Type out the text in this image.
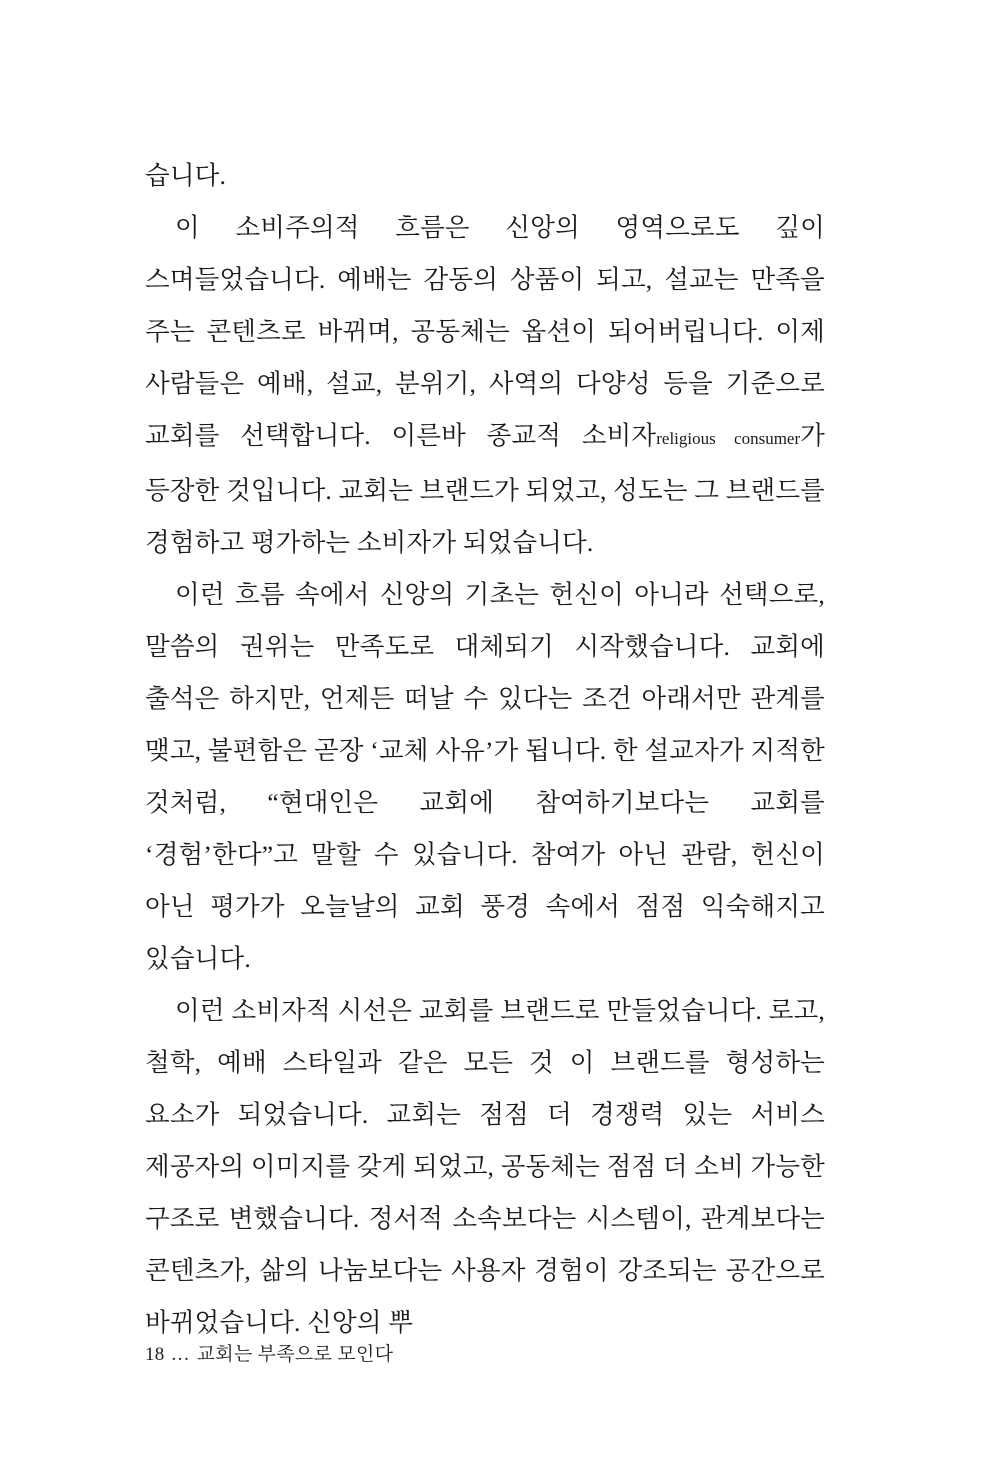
습니다.

이 소비주의적 흐름은 신앙의 영역으로도 깊이 스며들었습니다. 예배는 감동의 상품이 되고, 설교는 만족을 주는 콘텐츠로 바뀌며, 공동체는 옵션이 되어버립니다. 이제 사람들은 예배, 설교, 분위기, 사역의 다양성 등을 기준으로 교회를 선택합니다. 이른바 종교적 소비자religious consumer가 등장한 것입니다. 교회는 브랜드가 되었고, 성도는 그 브랜드를 경험하고 평가하는 소비자가 되었습니다.

이런 흐름 속에서 신앙의 기초는 헌신이 아니라 선택으로, 말씀의 권위는 만족도로 대체되기 시작했습니다. 교회에 출석은 하지만, 언제든 떠날 수 있다는 조건 아래서만 관계를 맺고, 불편함은 곧장 ‘교체 사유’가 됩니다. 한 설교자가 지적한 것처럼, “현대인은 교회에 참여하기보다는 교회를 ‘경험’한다”고 말할 수 있습니다. 참여가 아닌 관람, 헌신이 아닌 평가가 오늘날의 교회 풍경 속에서 점점 익숙해지고 있습니다.

이런 소비자적 시선은 교회를 브랜드로 만들었습니다. 로고, 철학, 예배 스타일과 같은 모든 것 이 브랜드를 형성하는 요소가 되었습니다. 교회는 점점 더 경쟁력 있는 서비스 제공자의 이미지를 갖게 되었고, 공동체는 점점 더 소비 가능한 구조로 변했습니다. 정서적 소속보다는 시스템이, 관계보다는 콘텐츠가, 삶의 나눔보다는 사용자 경험이 강조되는 공간으로 바뀌었습니다. 신앙의 뿌

18 … 교회는 부족으로 모인다
